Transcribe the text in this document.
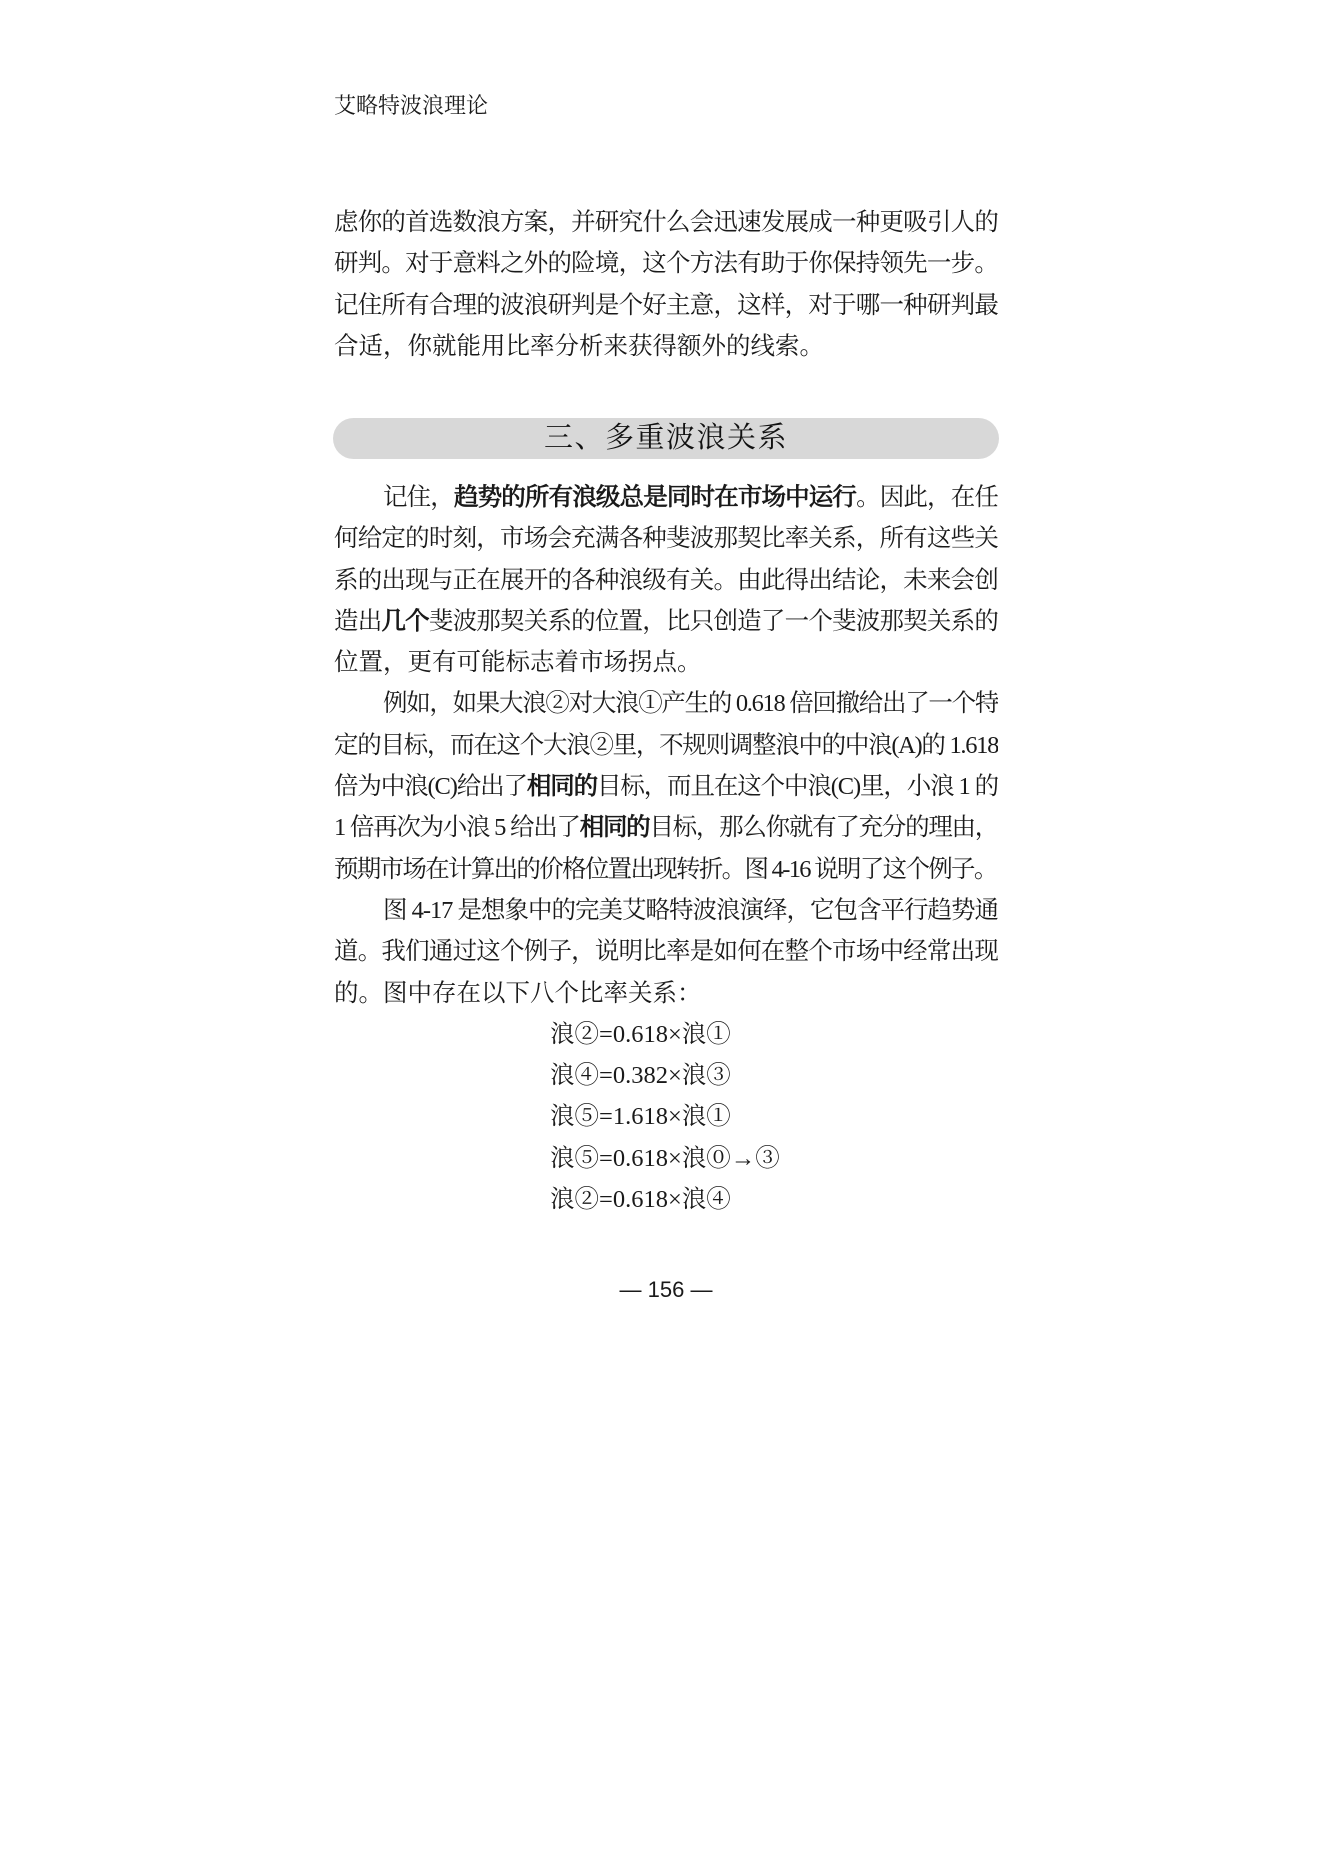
艾略特波浪理论
虑你的首选数浪方案，并研究什么会迅速发展成一种更吸引人的
研判。对于意料之外的险境，这个方法有助于你保持领先一步。
记住所有合理的波浪研判是个好主意，这样，对于哪一种研判最
合适，你就能用比率分析来获得额外的线索。
三、多重波浪关系
记住，趋势的所有浪级总是同时在市场中运行。因此，在任
何给定的时刻，市场会充满各种斐波那契比率关系，所有这些关
系的出现与正在展开的各种浪级有关。由此得出结论，未来会创
造出几个斐波那契关系的位置，比只创造了一个斐波那契关系的
位置，更有可能标志着市场拐点。
例如，如果大浪②对大浪①产生的 0.618 倍回撤给出了一个特
定的目标，而在这个大浪②里，不规则调整浪中的中浪(A)的 1.618
倍为中浪(C)给出了相同的目标，而且在这个中浪(C)里，小浪 1 的
1 倍再次为小浪 5 给出了相同的目标，那么你就有了充分的理由，
预期市场在计算出的价格位置出现转折。图 4-16 说明了这个例子。
图 4-17 是想象中的完美艾略特波浪演绎，它包含平行趋势通
道。我们通过这个例子，说明比率是如何在整个市场中经常出现
的。图中存在以下八个比率关系：
浪②=0.618×浪①
浪④=0.382×浪③
浪⑤=1.618×浪①
浪⑤=0.618×浪⓪→③
浪②=0.618×浪④
— 156 —
